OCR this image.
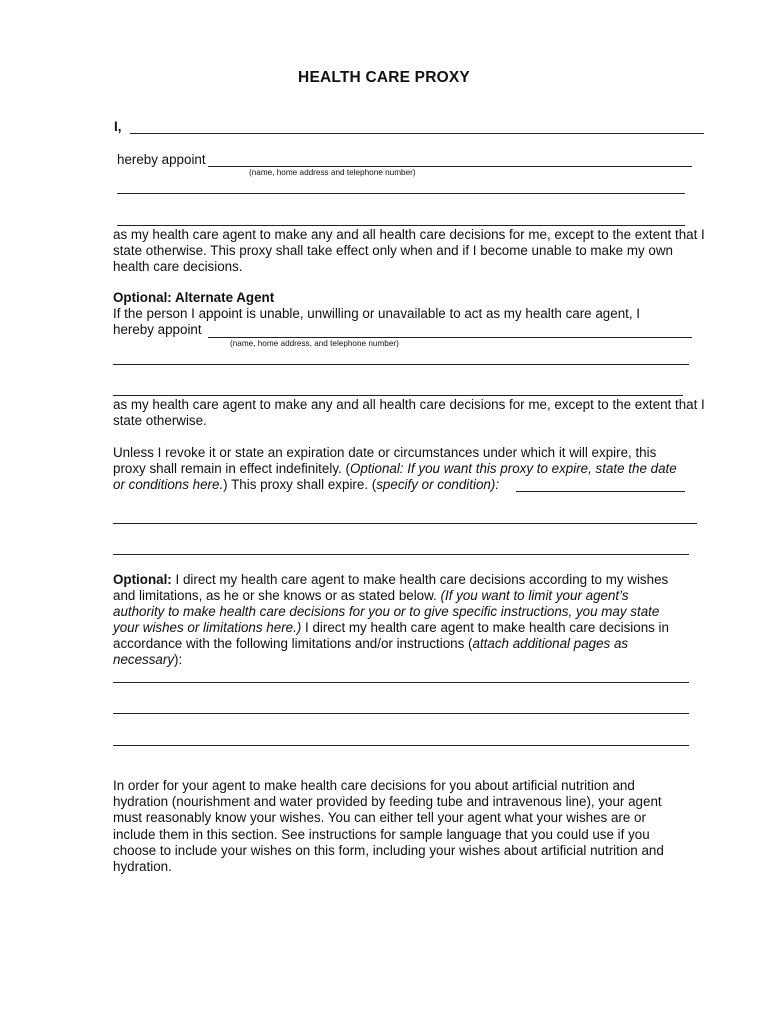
HEALTH CARE PROXY
I,
hereby appoint
(name, home address and telephone number)
as my health care agent to make any and all health care decisions for me, except to the extent that I state otherwise. This proxy shall take effect only when and if I become unable to make my own health care decisions.
Optional: Alternate Agent
If the person I appoint is unable, unwilling or unavailable to act as my health care agent, I
hereby appoint
(name, home address, and telephone number)
as my health care agent to make any and all health care decisions for me, except to the extent that I state otherwise.
Unless I revoke it or state an expiration date or circumstances under which it will expire, this
proxy shall remain in effect indefinitely. (Optional: If you want this proxy to expire, state the date
or conditions here.) This proxy shall expire. (specify or condition):
Optional: I direct my health care agent to make health care decisions according to my wishes
and limitations, as he or she knows or as stated below. (If you want to limit your agent’s
authority to make health care decisions for you or to give specific instructions, you may state
your wishes or limitations here.) I direct my health care agent to make health care decisions in
accordance with the following limitations and/or instructions (attach additional pages as
necessary):
In order for your agent to make health care decisions for you about artificial nutrition and hydration (nourishment and water provided by feeding tube and intravenous line), your agent must reasonably know your wishes. You can either tell your agent what your wishes are or include them in this section. See instructions for sample language that you could use if you choose to include your wishes on this form, including your wishes about artificial nutrition and hydration.
